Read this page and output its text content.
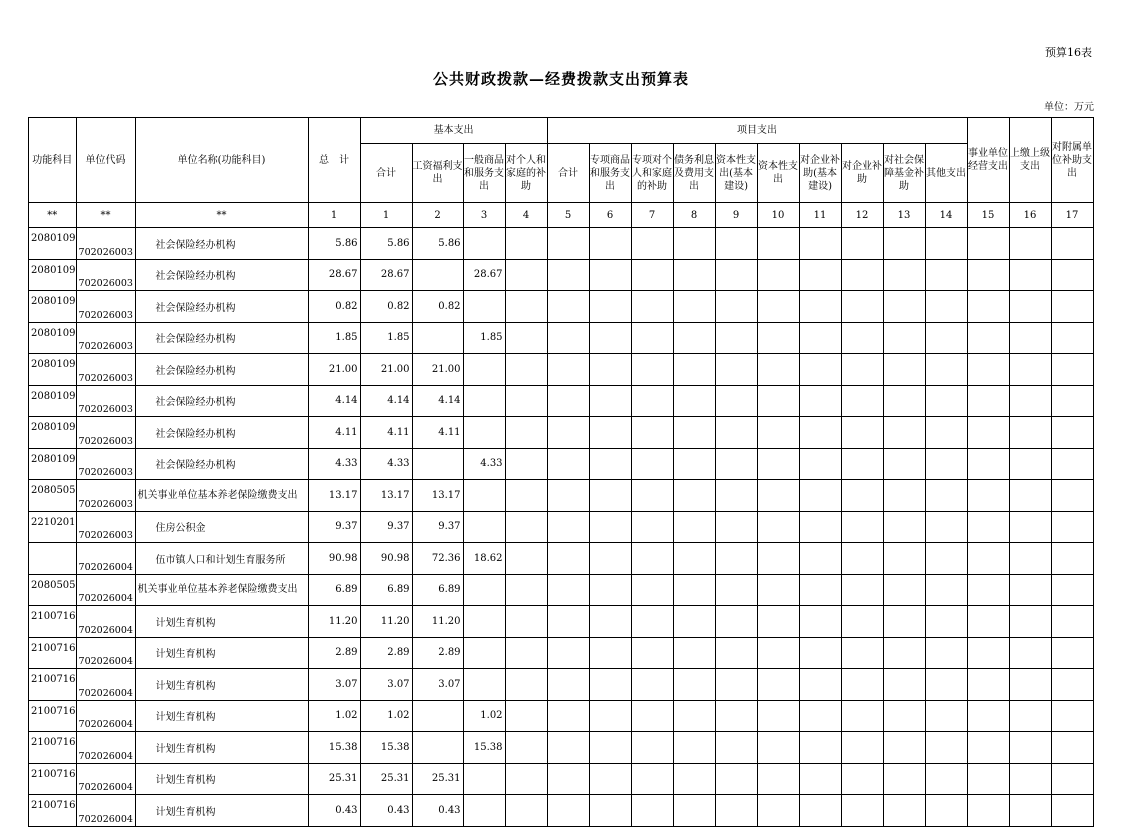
预算16表
公共财政拨款—经费拨款支出预算表
单位：万元
功能科目	单位代码	单位名称(功能科目)	总　计	基本支出				项目支出										事业单位经营支出	上缴上级支出	对附属单位补助支出
				合计	工资福利支出	一般商品和服务支出	对个人和家庭的补助	合计	专项商品和服务支出	专项对个人和家庭的补助	债务利息及费用支出	资本性支出(基本建设)	资本性支出	对企业补助(基本建设)	对企业补助	对社会保障基金补助	其他支出			
**	**	**	1	1	2	3	4	5	6	7	8	9	10	11	12	13	14	15	16	17
2080109	702026003	社会保险经办机构	5.86	5.86	5.86															
2080109	702026003	社会保险经办机构	28.67	28.67		28.67														
2080109	702026003	社会保险经办机构	0.82	0.82	0.82															
2080109	702026003	社会保险经办机构	1.85	1.85		1.85														
2080109	702026003	社会保险经办机构	21.00	21.00	21.00															
2080109	702026003	社会保险经办机构	4.14	4.14	4.14															
2080109	702026003	社会保险经办机构	4.11	4.11	4.11															
2080109	702026003	社会保险经办机构	4.33	4.33		4.33														
2080505	702026003	机关事业单位基本养老保险缴费支出	13.17	13.17	13.17															
2210201	702026003	住房公积金	9.37	9.37	9.37															
	702026004	伍市镇人口和计划生育服务所	90.98	90.98	72.36	18.62														
2080505	702026004	机关事业单位基本养老保险缴费支出	6.89	6.89	6.89															
2100716	702026004	计划生育机构	11.20	11.20	11.20															
2100716	702026004	计划生育机构	2.89	2.89	2.89															
2100716	702026004	计划生育机构	3.07	3.07	3.07															
2100716	702026004	计划生育机构	1.02	1.02		1.02														
2100716	702026004	计划生育机构	15.38	15.38		15.38														
2100716	702026004	计划生育机构	25.31	25.31	25.31															
2100716	702026004	计划生育机构	0.43	0.43	0.43															
